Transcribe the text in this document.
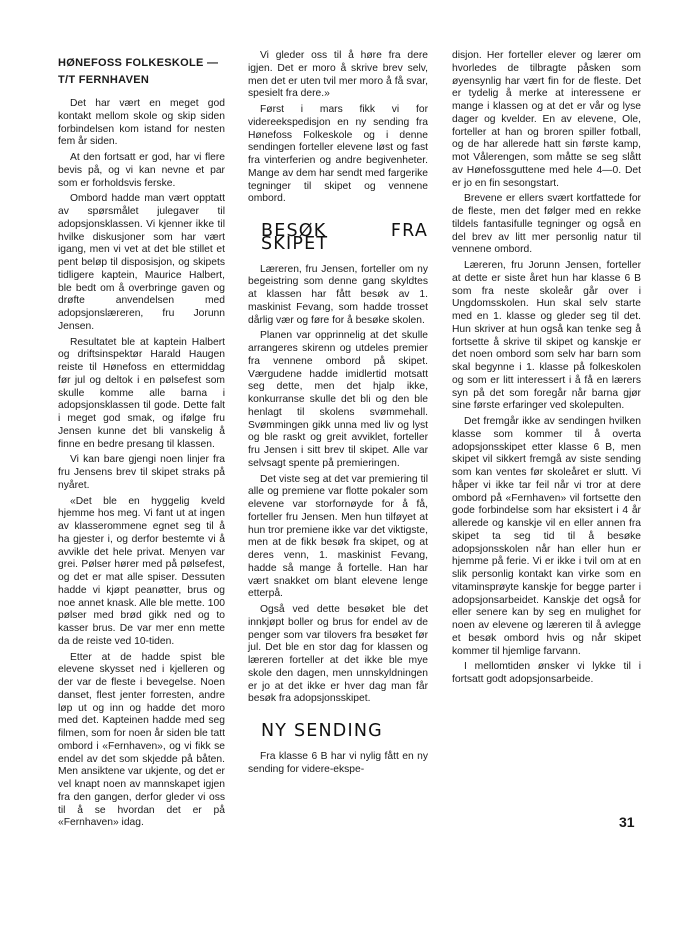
HØNEFOSS FOLKESKOLE —
T/T FERNHAVEN

Det har vært en meget god kontakt mellom skole og skip siden forbindelsen kom istand for nesten fem år siden.

At den fortsatt er god, har vi flere bevis på, og vi kan nevne et par som er forholdsvis ferske.

Ombord hadde man vært opptatt av spørsmålet julegaver til adopsjonsklassen. Vi kjenner ikke til hvilke diskusjoner som har vært igang, men vi vet at det ble stillet et pent beløp til disposisjon, og skipets tidligere kaptein, Maurice Halbert, ble bedt om å overbringe gaven og drøfte anvendelsen med adopsjonslæreren, fru Jorunn Jensen.

Resultatet ble at kaptein Halbert og driftsinspektør Harald Haugen reiste til Hønefoss en ettermiddag før jul og deltok i en pølsefest som skulle komme alle barna i adopsjonsklassen til gode. Dette falt i meget god smak, og ifølge fru Jensen kunne det bli vanskelig å finne en bedre presang til klassen.

Vi kan bare gjengi noen linjer fra fru Jensens brev til skipet straks på nyåret.

«Det ble en hyggelig kveld hjemme hos meg. Vi fant ut at ingen av klasserommene egnet seg til å ha gjester i, og derfor bestemte vi å avvikle det hele privat. Menyen var grei. Pølser hører med på pølsefest, og det er mat alle spiser. Dessuten hadde vi kjøpt peanøtter, brus og noe annet knask. Alle ble mette. 100 pølser med brød gikk ned og to kasser brus. De var mer enn mette da de reiste ved 10-tiden.

Etter at de hadde spist ble elevene skysset ned i kjelleren og der var de fleste i bevegelse. Noen danset, flest jenter forresten, andre løp ut og inn og hadde det moro med det. Kapteinen hadde med seg filmen, som for noen år siden ble tatt ombord i «Fernhaven», og vi fikk se endel av det som skjedde på båten. Men ansiktene var ukjente, og det er vel knapt noen av mannskapet igjen fra den gangen, derfor gleder vi oss til å se hvordan det er på «Fernhaven» idag.

Vi gleder oss til å høre fra dere igjen. Det er moro å skrive brev selv, men det er uten tvil mer moro å få svar, spesielt fra dere.»

Først i mars fikk vi for videreekspedisjon en ny sending fra Hønefoss Folkeskole og i denne sendingen forteller elevene løst og fast fra vinterferien og andre begivenheter. Mange av dem har sendt med fargerike tegninger til skipet og vennene ombord.

BESØK FRA SKIPET

Læreren, fru Jensen, forteller om ny begeistring som denne gang skyldtes at klassen har fått besøk av 1. maskinist Fevang, som hadde trosset dårlig vær og føre for å besøke skolen.

Planen var opprinnelig at det skulle arrangeres skirenn og utdeles premier fra vennene ombord på skipet. Værgudene hadde imidlertid motsatt seg dette, men det hjalp ikke, konkurranse skulle det bli og den ble henlagt til skolens svømmehall. Svømmingen gikk unna med liv og lyst og ble raskt og greit avviklet, forteller fru Jensen i sitt brev til skipet. Alle var selvsagt spente på premieringen.

Det viste seg at det var premiering til alle og premiene var flotte pokaler som elevene var storfornøyde for å få, forteller fru Jensen. Men hun tilføyet at hun tror premiene ikke var det viktigste, men at de fikk besøk fra skipet, og at deres venn, 1. maskinist Fevang, hadde så mange å fortelle. Han har vært snakket om blant elevene lenge etterpå.

Også ved dette besøket ble det innkjøpt boller og brus for endel av de penger som var tilovers fra besøket før jul. Det ble en stor dag for klassen og læreren forteller at det ikke ble mye skole den dagen, men unnskyldningen er jo at det ikke er hver dag man får besøk fra adopsjonsskipet.

NY SENDING

Fra klasse 6 B har vi nylig fått en ny sending for videre-ekspe-

disjon. Her forteller elever og lærer om hvorledes de tilbragte påsken som øyensynlig har vært fin for de fleste. Det er tydelig å merke at interessene er mange i klassen og at det er vår og lyse dager og kvelder. En av elevene, Ole, forteller at han og broren spiller fotball, og de har allerede hatt sin første kamp, mot Vålerengen, som måtte se seg slått av Hønefossguttene med hele 4—0. Det er jo en fin sesongstart.

Brevene er ellers svært kortfattede for de fleste, men det følger med en rekke tildels fantasifulle tegninger og også en del brev av litt mer personlig natur til vennene ombord.

Læreren, fru Jorunn Jensen, forteller at dette er siste året hun har klasse 6 B som fra neste skoleår går over i Ungdomsskolen. Hun skal selv starte med en 1. klasse og gleder seg til det. Hun skriver at hun også kan tenke seg å fortsette å skrive til skipet og kanskje er det noen ombord som selv har barn som skal begynne i 1. klasse på folkeskolen og som er litt interessert i å få en lærers syn på det som foregår når barna gjør sine første erfaringer ved skolepulten.

Det fremgår ikke av sendingen hvilken klasse som kommer til å overta adopsjonsskipet etter klasse 6 B, men skipet vil sikkert fremgå av siste sending som kan ventes før skoleåret er slutt. Vi håper vi ikke tar feil når vi tror at dere ombord på «Fernhaven» vil fortsette den gode forbindelse som har eksistert i 4 år allerede og kanskje vil en eller annen fra skipet ta seg tid til å besøke adopsjonsskolen når han eller hun er hjemme på ferie. Vi er ikke i tvil om at en slik personlig kontakt kan virke som en vitaminsprøyte kanskje for begge parter i adopsjonsarbeidet. Kanskje det også for eller senere kan by seg en mulighet for noen av elevene og læreren til å avlegge et besøk ombord hvis og når skipet kommer til hjemlige farvann.

I mellomtiden ønsker vi lykke til i fortsatt godt adopsjonsarbeide.

31
